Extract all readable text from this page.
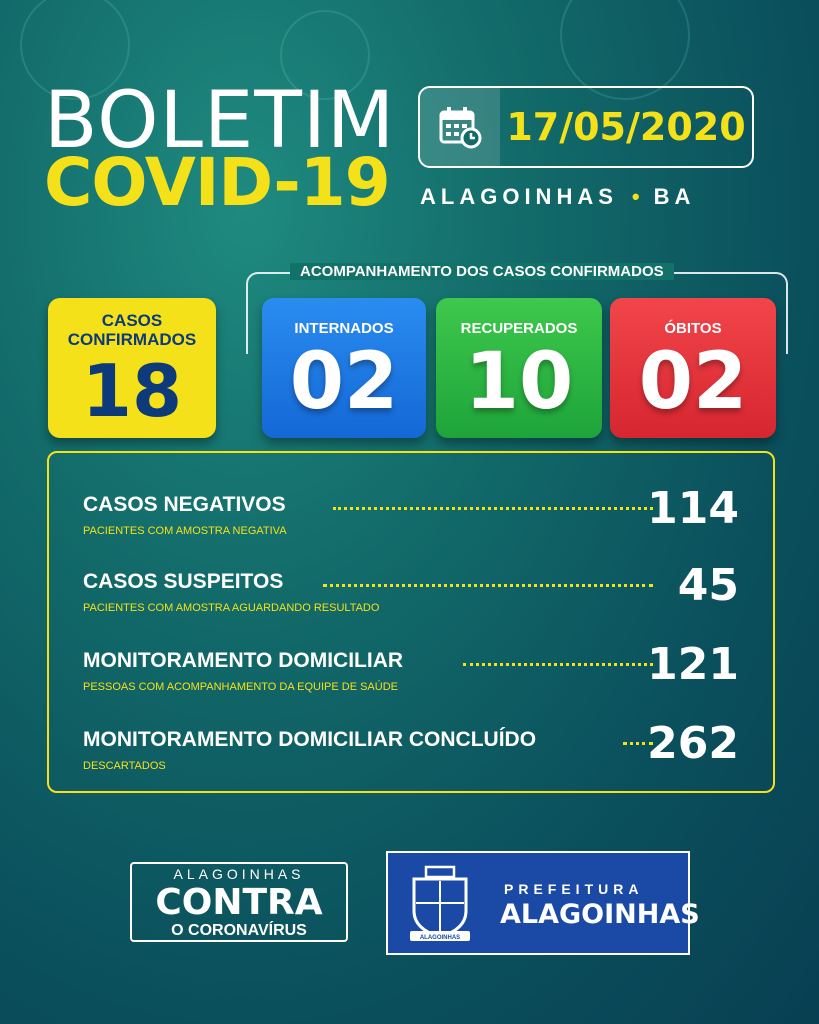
BOLETIM
COVID-19
17/05/2020
ALAGOINHAS • BA
ACOMPANHAMENTO DOS CASOS CONFIRMADOS
CASOS
CONFIRMADOS
18
INTERNADOS
02
RECUPERADOS
10
ÓBITOS
02
CASOS NEGATIVOS
PACIENTES COM AMOSTRA NEGATIVA	114
CASOS SUSPEITOS
PACIENTES COM AMOSTRA AGUARDANDO RESULTADO	45
MONITORAMENTO DOMICILIAR
PESSOAS COM ACOMPANHAMENTO DA EQUIPE DE SAÚDE	121
MONITORAMENTO DOMICILIAR CONCLUÍDO
DESCARTADOS	262
ALAGOINHAS
CONTRA
O CORONAVÍRUS	ALAGOINHAS
PREFEITURA
ALAGOINHAS
